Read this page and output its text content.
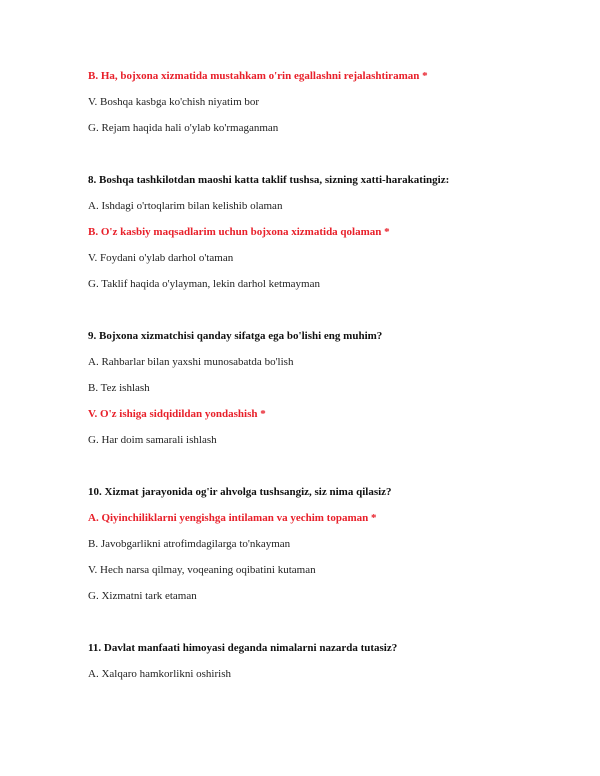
B. Ha, bojxona xizmatida mustahkam o'rin egallashni rejalashtiraman *
V. Boshqa kasbga ko'chish niyatim bor
G. Rejam haqida hali o'ylab ko'rmaganman
8. Boshqa tashkilotdan maoshi katta taklif tushsa, sizning xatti-harakatingiz:
A. Ishdagi o'rtoqlarim bilan kelishib olaman
B. O'z kasbiy maqsadlarim uchun bojxona xizmatida qolaman *
V. Foydani o'ylab darhol o'taman
G. Taklif haqida o'ylayman, lekin darhol ketmayman
9. Bojxona xizmatchisi qanday sifatga ega bo'lishi eng muhim?
A. Rahbarlar bilan yaxshi munosabatda bo'lish
B. Tez ishlash
V. O'z ishiga sidqidildan yondashish *
G. Har doim samarali ishlash
10. Xizmat jarayonida og'ir ahvolga tushsangiz, siz nima qilasiz?
A. Qiyinchiliklarni yengishga intilaman va yechim topaman *
B. Javobgarlikni atrofimdagilarga to'nkayman
V. Hech narsa qilmay, voqeaning oqibatini kutaman
G. Xizmatni tark etaman
11. Davlat manfaati himoyasi deganda nimalarni nazarda tutasiz?
A. Xalqaro hamkorlikni oshirish
